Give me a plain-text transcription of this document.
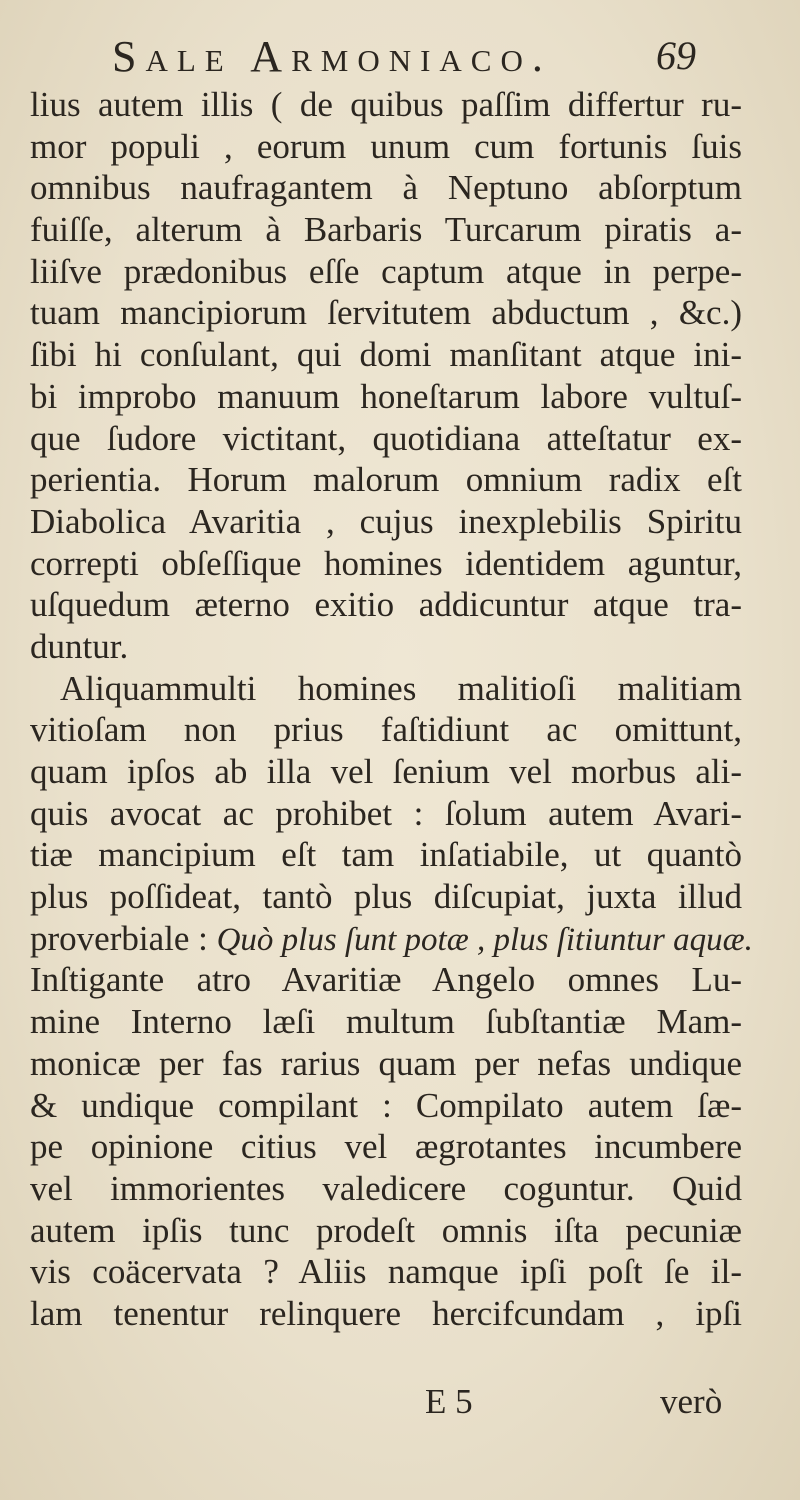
Sale Armoniaco.	69
lius autem illis ( de quibus paſſim differtur ru-
mor populi , eorum unum cum fortunis ſuis
omnibus naufragantem à Neptuno abſorptum
fuiſſe, alterum à Barbaris Turcarum piratis a-
liiſve prædonibus eſſe captum atque in perpe-
tuam mancipiorum ſervitutem abductum , &c.)
ſibi hi conſulant, qui domi manſitant atque ini-
bi improbo manuum honeſtarum labore vultuſ-
que ſudore victitant, quotidiana atteſtatur ex-
perientia. Horum malorum omnium radix eſt
Diabolica Avaritia , cujus inexplebilis Spiritu
correpti obſeſſique homines identidem aguntur,
uſquedum æterno exitio addicuntur atque tra-
duntur.
Aliquammulti homines malitioſi malitiam
vitioſam non prius faſtidiunt ac omittunt,
quam ipſos ab illa vel ſenium vel morbus ali-
quis avocat ac prohibet : ſolum autem Avari-
tiæ mancipium eſt tam inſatiabile, ut quantò
plus poſſideat, tantò plus diſcupiat, juxta illud
proverbiale : Quò plus ſunt potæ , plus ſitiuntur aquæ.
Inſtigante atro Avaritiæ Angelo omnes Lu-
mine Interno læſi multum ſubſtantiæ Mam-
monicæ per fas rarius quam per nefas undique
& undique compilant : Compilato autem ſæ-
pe opinione citius vel ægrotantes incumbere
vel immorientes valedicere coguntur. Quid
autem ipſis tunc prodeſt omnis iſta pecuniæ
vis coäcervata ? Aliis namque ipſi poſt ſe il-
lam tenentur relinquere hercifcundam , ipſi
E 5	verò
